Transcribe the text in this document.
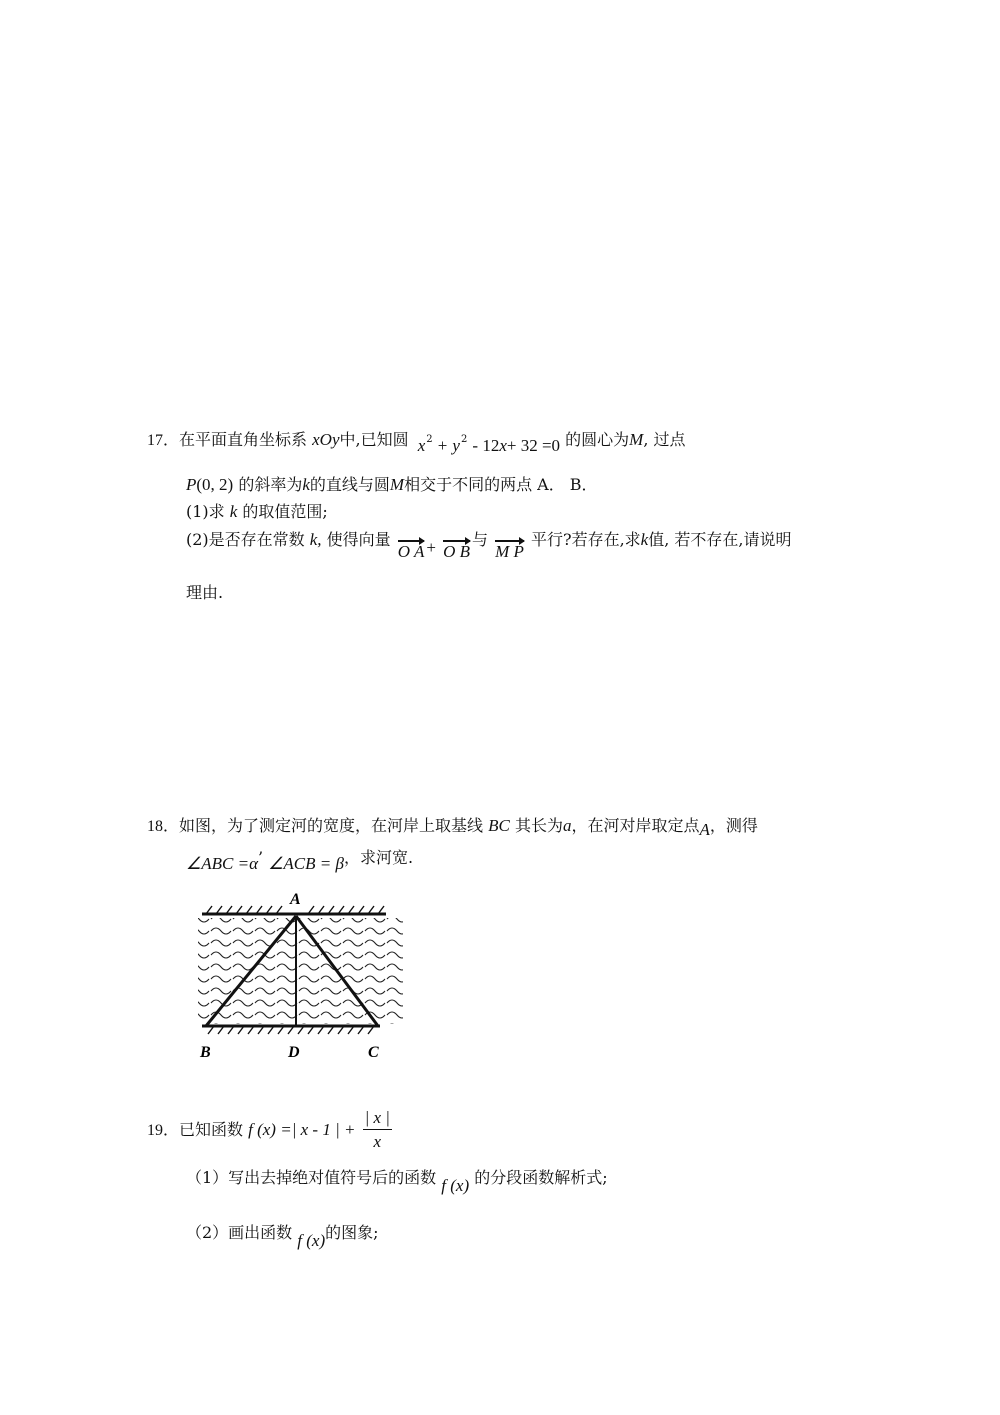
17．在平面直角坐标系 xOy中,已知圆 $x^2 + y^2 - 12x+ 32 =0$ 的圆心为M, 过点
P(0, 2) 的斜率为k的直线与圆M相交于不同的两点 A． B．
(1)求 k 的取值范围;
(2)是否存在常数 k, 使得向量
O A + O B与
M P 平行?若存在,求k值, 若不存在,请说明
理由.
18．如图，为了测定河的宽度，在河岸上取基线 BC 其长为a，在河对岸取定点A，测得
∠ABC =α’ ∠ACB = β，求河宽.
A
B	D	C
19．已知函数 f (x) =| x - 1 | + $\frac{| x |}{x}$
（1）写出去掉绝对值符号后的函数 f (x) 的分段函数解析式;
（2）画出函数 f (x)的图象;
